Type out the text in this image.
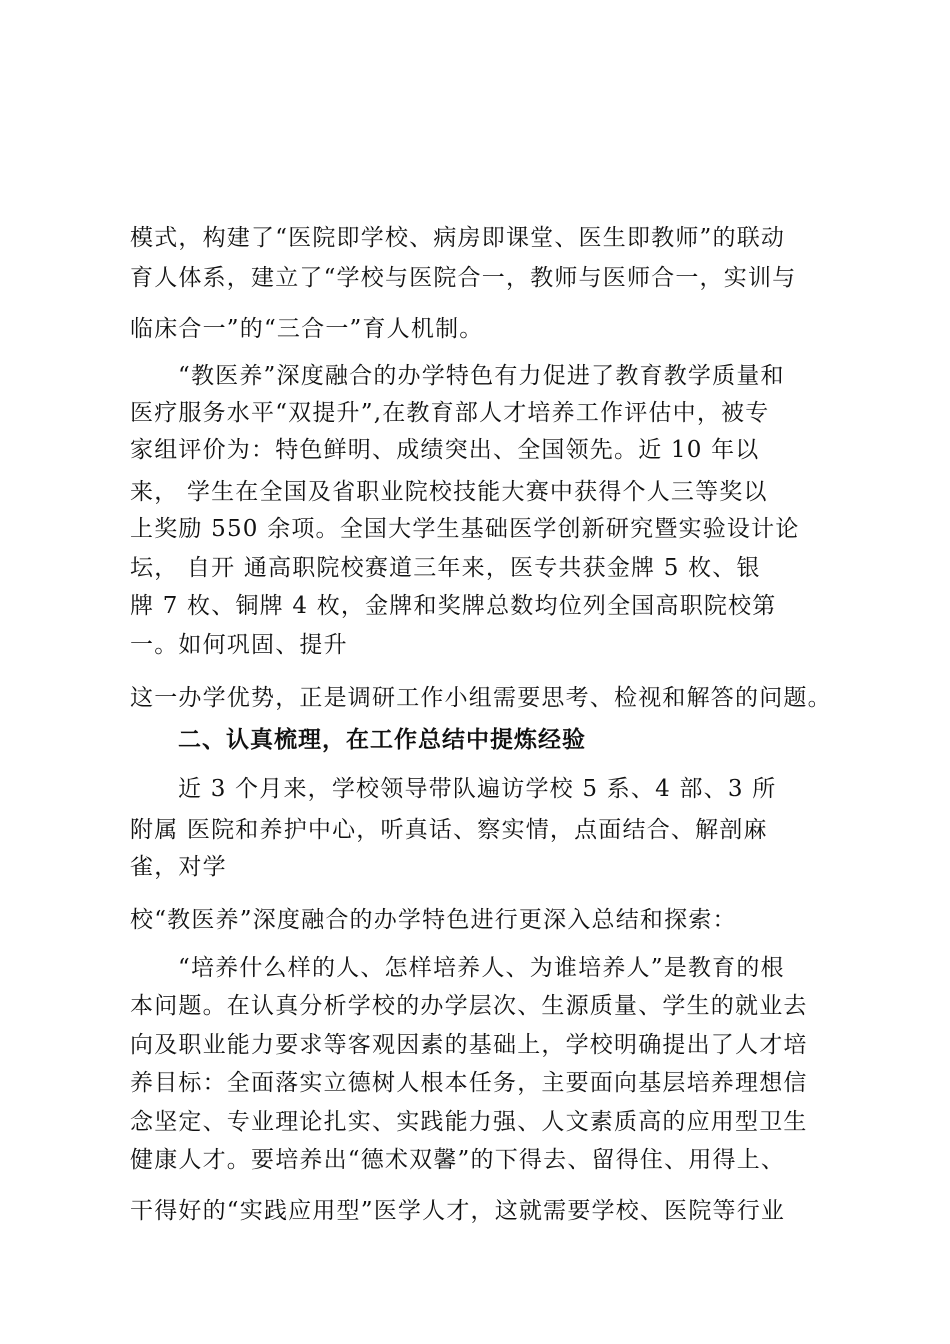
模式，构建了“医院即学校、病房即课堂、医生即教师”的联动
育人体系，建立了“学校与医院合一，教师与医师合一，实训与
临床合一”的“三合一”育人机制。
“教医养”深度融合的办学特色有力促进了教育教学质量和
医疗服务水平“双提升”,在教育部人才培养工作评估中，被专
家组评价为：特色鲜明、成绩突出、全国领先。近 10 年以
来， 学生在全国及省职业院校技能大赛中获得个人三等奖以
上奖励 550 余项。全国大学生基础医学创新研究暨实验设计论
坛， 自开 通高职院校赛道三年来，医专共获金牌 5 枚、银
牌 7 枚、铜牌 4 枚，金牌和奖牌总数均位列全国高职院校第
一。如何巩固、提升
这一办学优势，正是调研工作小组需要思考、检视和解答的问题。
二、认真梳理，在工作总结中提炼经验
近 3 个月来，学校领导带队遍访学校 5 系、4 部、3 所
附属 医院和养护中心，听真话、察实情，点面结合、解剖麻
雀，对学
校“教医养”深度融合的办学特色进行更深入总结和探索：
“培养什么样的人、怎样培养人、为谁培养人”是教育的根
本问题。在认真分析学校的办学层次、生源质量、学生的就业去
向及职业能力要求等客观因素的基础上，学校明确提出了人才培
养目标：全面落实立德树人根本任务，主要面向基层培养理想信
念坚定、专业理论扎实、实践能力强、人文素质高的应用型卫生
健康人才。要培养出“德术双馨”的下得去、留得住、用得上、
干得好的“实践应用型”医学人才，这就需要学校、医院等行业
